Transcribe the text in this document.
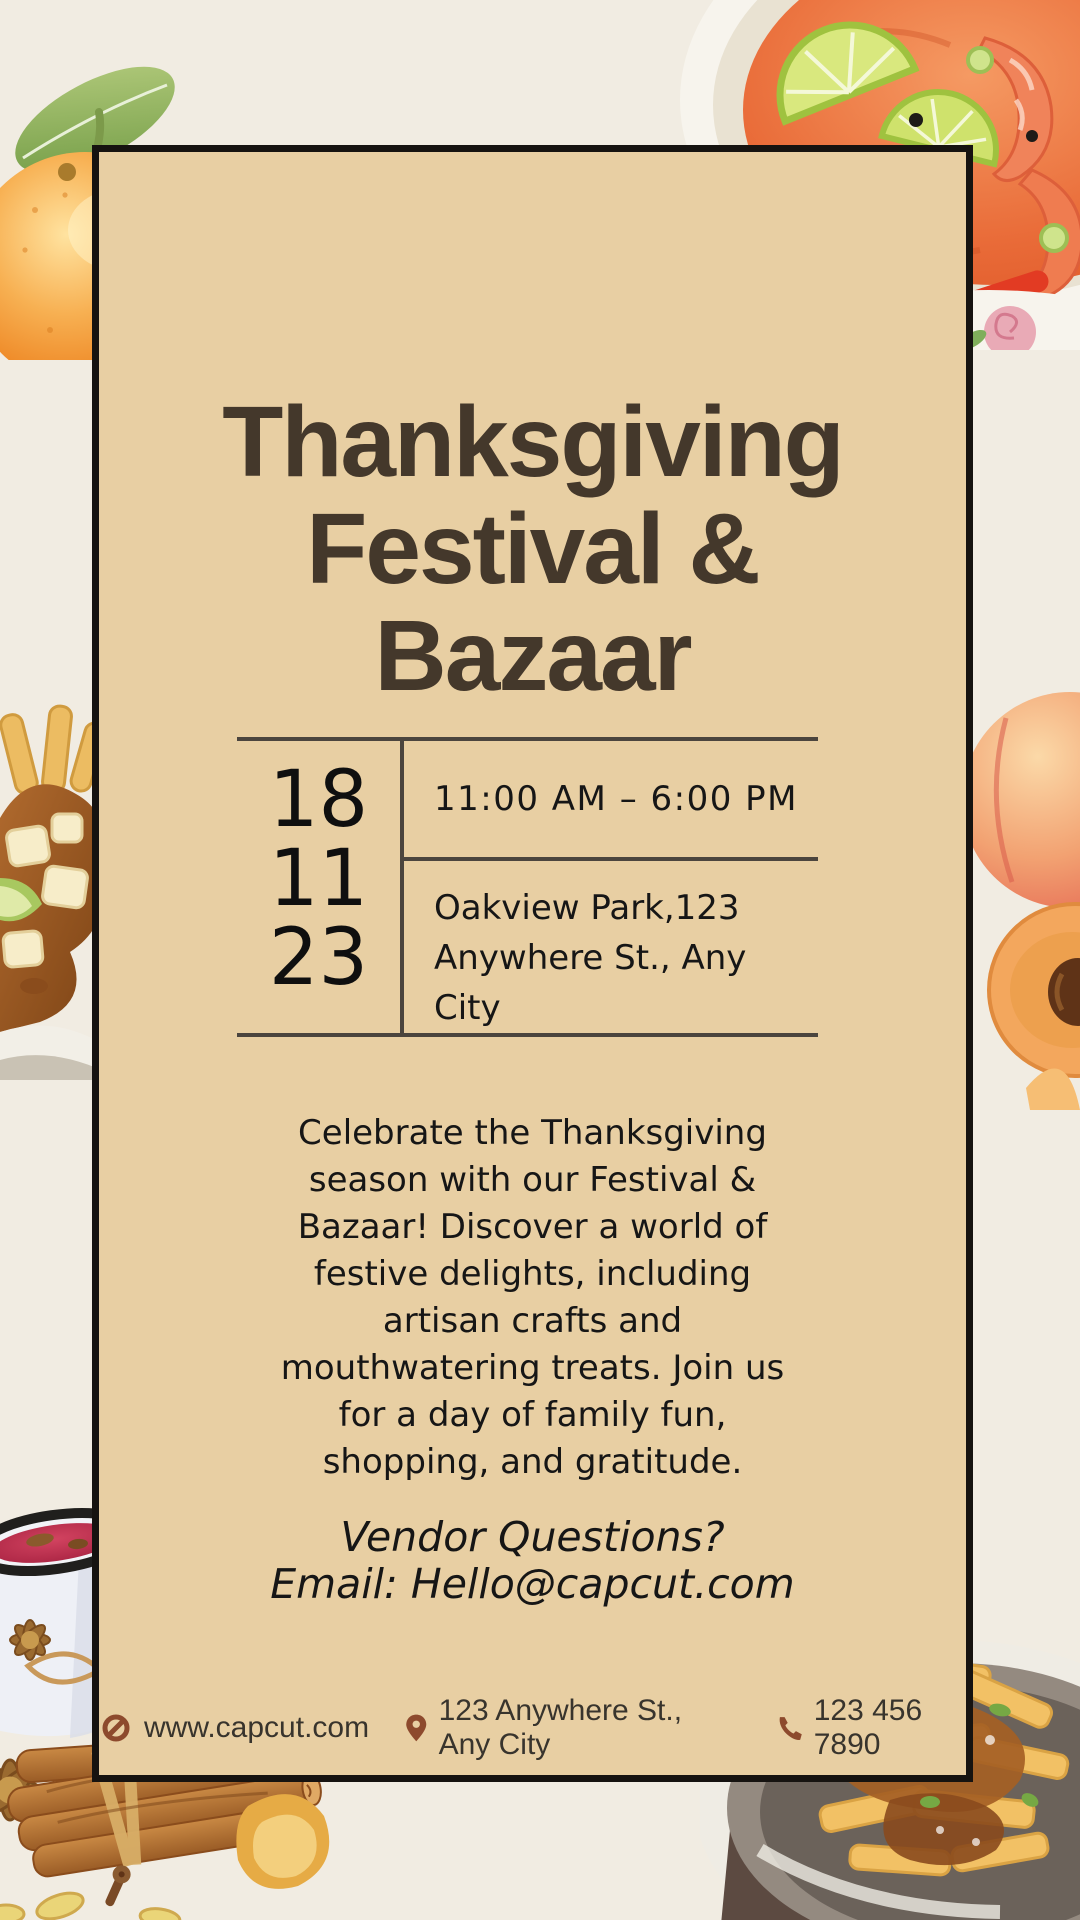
Thanksgiving
Festival &
Bazaar
18
11
23
11:00 AM – 6:00 PM
Oakview Park,123
Anywhere St., Any City
Celebrate the Thanksgiving
season with our Festival &
Bazaar! Discover a world of
festive delights, including
artisan crafts and
mouthwatering treats. Join us
for a day of family fun,
shopping, and gratitude.
Vendor Questions?
Email: Hello@capcut.com
www.capcut.com
123 Anywhere St., Any City
123 456 7890
